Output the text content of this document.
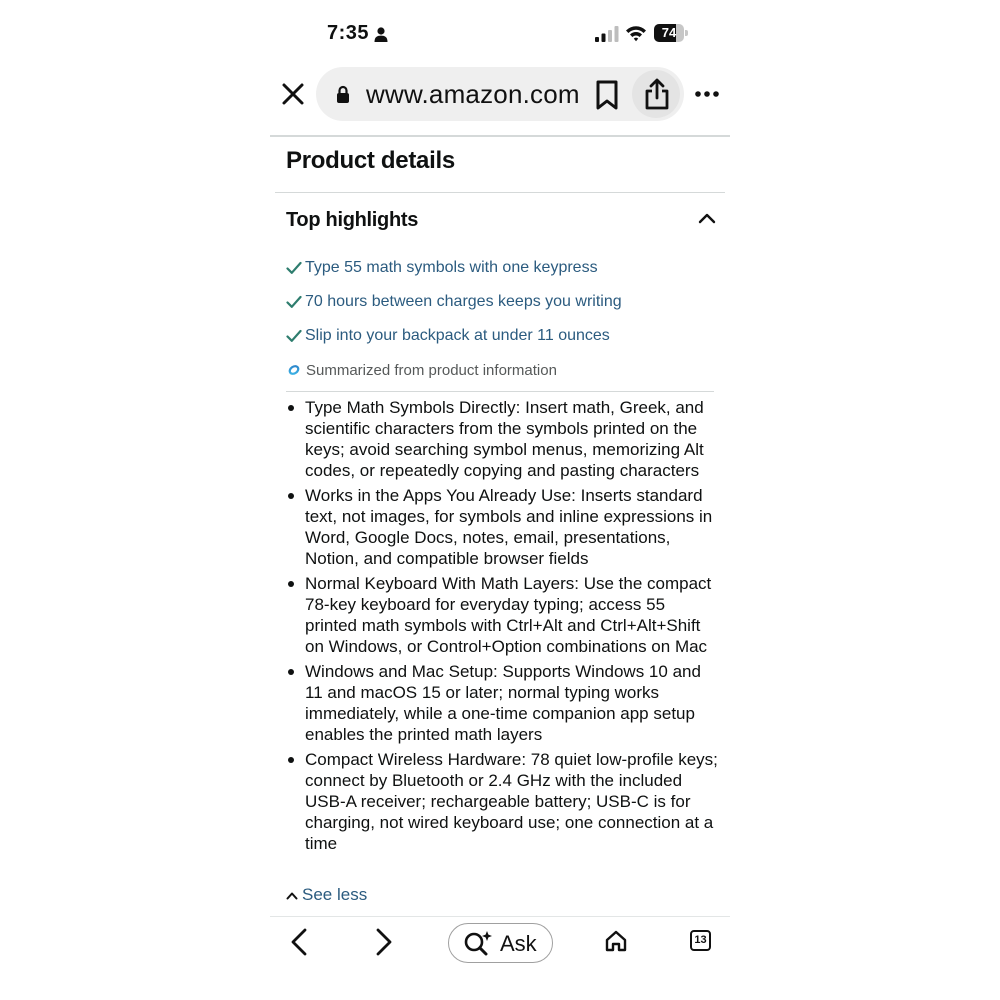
7:35	74
www.amazon.com
Product details
Top highlights
Type 55 math symbols with one keypress
70 hours between charges keeps you writing
Slip into your backpack at under 11 ounces
Summarized from product information
Type Math Symbols Directly: Insert math, Greek, and scientific characters from the symbols printed on the keys; avoid searching symbol menus, memorizing Alt codes, or repeatedly copying and pasting characters
Works in the Apps You Already Use: Inserts standard text, not images, for symbols and inline expressions in Word, Google Docs, notes, email, presentations, Notion, and compatible browser fields
Normal Keyboard With Math Layers: Use the compact 78-key keyboard for everyday typing; access 55 printed math symbols with Ctrl+Alt and Ctrl+Alt+Shift on Windows, or Control+Option combinations on Mac
Windows and Mac Setup: Supports Windows 10 and 11 and macOS 15 or later; normal typing works immediately, while a one-time companion app setup enables the printed math layers
Compact Wireless Hardware: 78 quiet low-profile keys; connect by Bluetooth or 2.4 GHz with the included USB-A receiver; rechargeable battery; USB-C is for charging, not wired keyboard use; one connection at a time
See less
Ask	13
